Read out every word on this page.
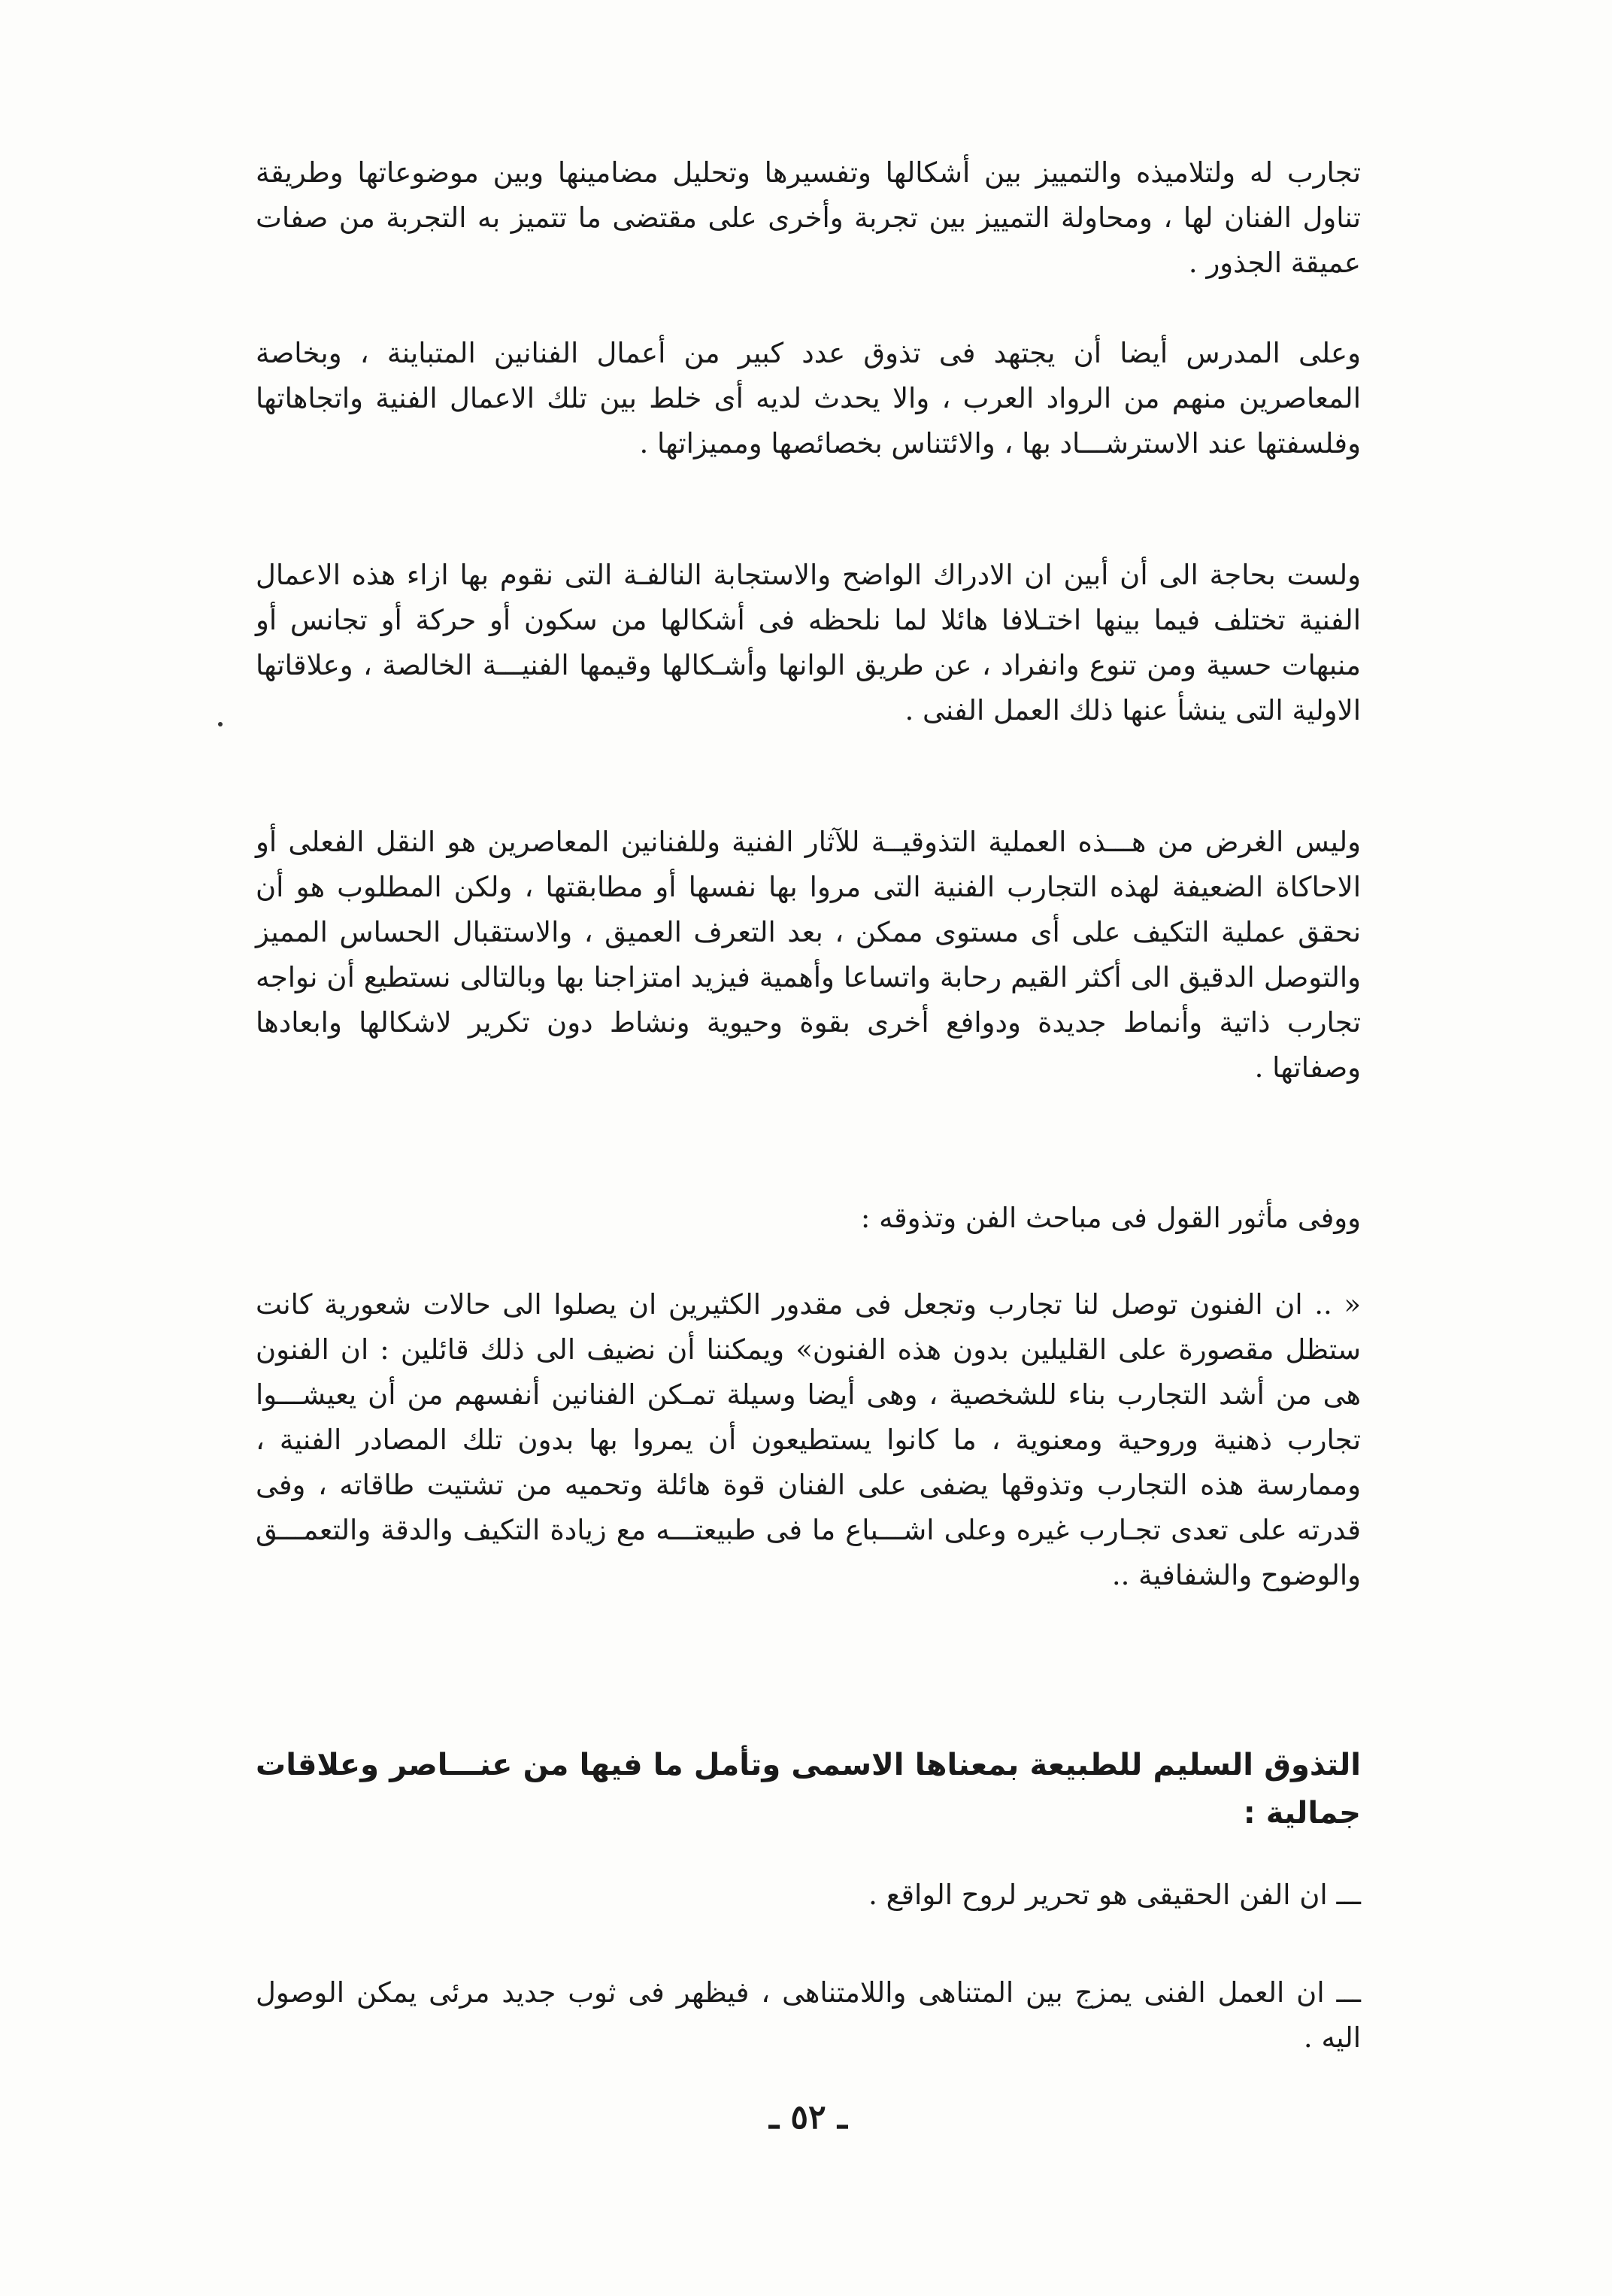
تجارب له ولتلاميذه والتمييز بين أشكالها وتفسيرها وتحليل مضامينها وبين موضوعاتها وطريقة تناول الفنان لها ، ومحاولة التمييز بين تجربة وأخرى على مقتضى ما تتميز به التجربة من صفات عميقة الجذور .

وعلى المدرس أيضا أن يجتهد فى تذوق عدد كبير من أعمال الفنانين المتباينة ، وبخاصة المعاصرين منهم من الرواد العرب ، والا يحدث لديه أى خلط بين تلك الاعمال الفنية واتجاهاتها وفلسفتها عند الاسترشـــاد بها ، والائتناس بخصائصها ومميزاتها .

ولست بحاجة الى أن أبين ان الادراك الواضح والاستجابة النالفـة التى نقوم بها ازاء هذه الاعمال الفنية تختلف فيما بينها اختـلافا هائلا لما نلحظه فى أشكالها من سكون أو حركة أو تجانس أو منبهات حسية ومن تنوع وانفراد ، عن طريق الوانها وأشـكالها وقيمها الفنيـــة الخالصة ، وعلاقاتها الاولية التى ينشأ عنها ذلك العمل الفنى .

وليس الغرض من هـــذه العملية التذوقيــة للآثار الفنية وللفنانين المعاصرين هو النقل الفعلى أو الاحاكاة الضعيفة لهذه التجارب الفنية التى مروا بها نفسها أو مطابقتها ، ولكن المطلوب هو أن نحقق عملية التكيف على أى مستوى ممكن ، بعد التعرف العميق ، والاستقبال الحساس المميز والتوصل الدقيق الى أكثر القيم رحابة واتساعا وأهمية فيزيد امتزاجنا بها وبالتالى نستطيع أن نواجه تجارب ذاتية وأنماط جديدة ودوافع أخرى بقوة وحيوية ونشاط دون تكرير لاشكالها وابعادها وصفاتها .

ووفى مأثور القول فى مباحث الفن وتذوقه :

« .. ان الفنون توصل لنا تجارب وتجعل فى مقدور الكثيرين ان يصلوا الى حالات شعورية كانت ستظل مقصورة على القليلين بدون هذه الفنون» ويمكننا أن نضيف الى ذلك قائلين : ان الفنون هى من أشد التجارب بناء للشخصية ، وهى أيضا وسيلة تمـكن الفنانين أنفسهم من أن يعيشـــوا تجارب ذهنية وروحية ومعنوية ، ما كانوا يستطيعون أن يمروا بها بدون تلك المصادر الفنية ، وممارسة هذه التجارب وتذوقها يضفى على الفنان قوة هائلة وتحميه من تشتيت طاقاته ، وفى قدرته على تعدى تجـارب غيره وعلى اشـــباع ما فى طبيعتـــه مع زيادة التكيف والدقة والتعمـــق والوضوح والشفافية ..

التذوق السليم للطبيعة بمعناها الاسمى وتأمل ما فيها من عنـــاصر وعلاقات جمالية :

ـــ ان الفن الحقيقى هو تحرير لروح الواقع .

ـــ ان العمل الفنى يمزج بين المتناهى واللامتناهى ، فيظهر فى ثوب جديد مرئى يمكن الوصول اليه .

ـ ٥٢ ـ
